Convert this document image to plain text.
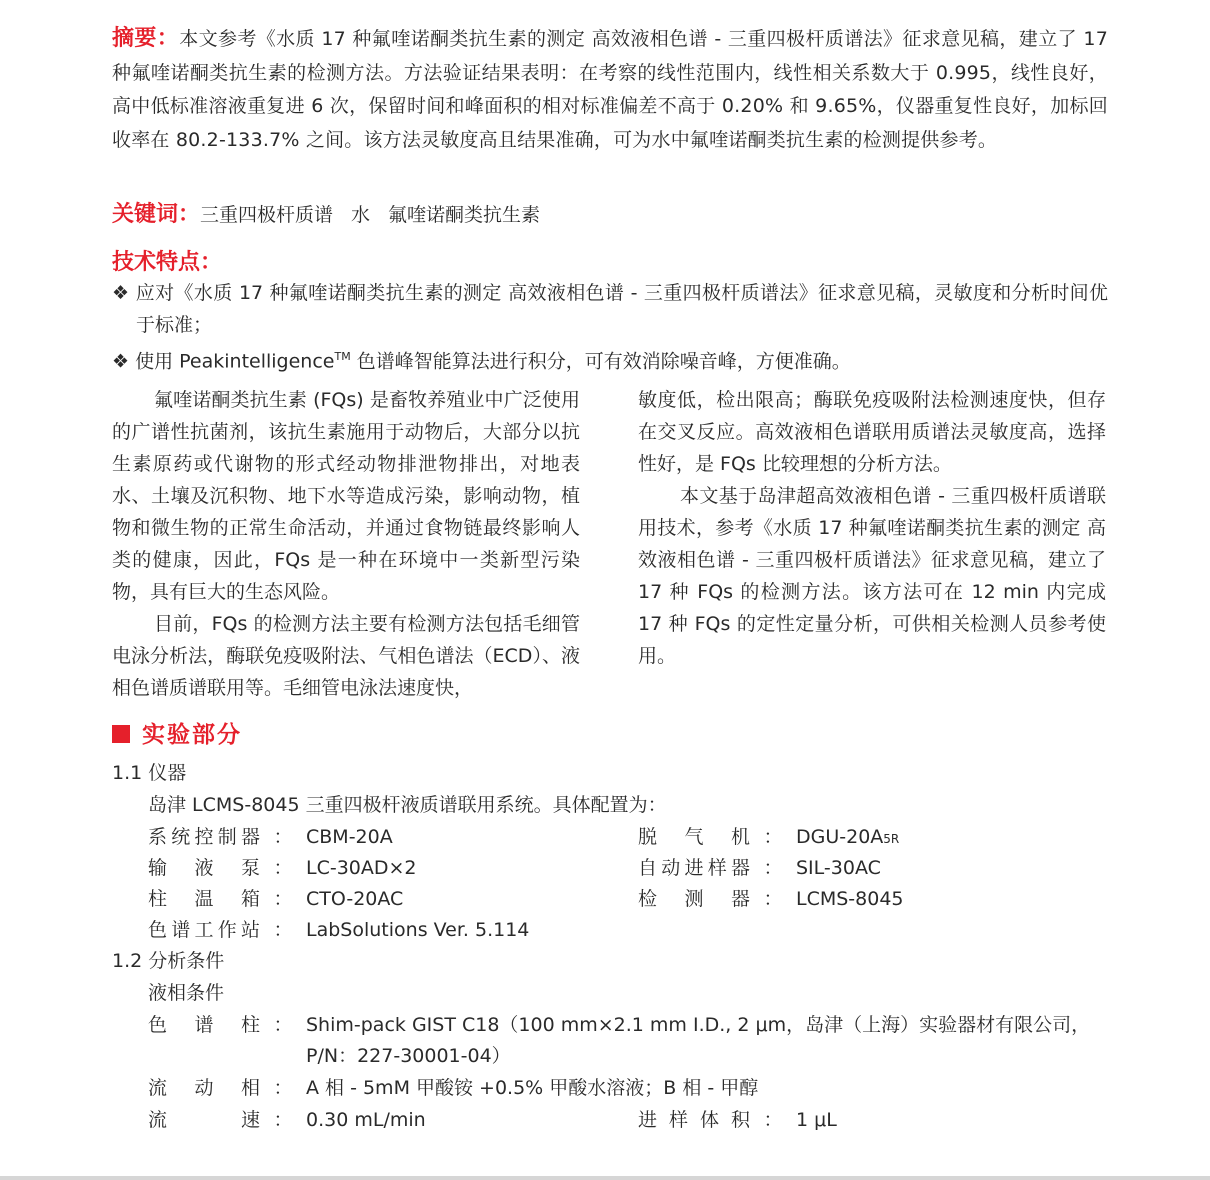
摘要：本文参考《水质 17 种氟喹诺酮类抗生素的测定 高效液相色谱 - 三重四极杆质谱法》征求意见稿，建立了 17 种氟喹诺酮类抗生素的检测方法。方法验证结果表明：在考察的线性范围内，线性相关系数大于 0.995，线性良好，高中低标准溶液重复进 6 次，保留时间和峰面积的相对标准偏差不高于 0.20% 和 9.65%，仪器重复性良好，加标回收率在 80.2-133.7% 之间。该方法灵敏度高且结果准确，可为水中氟喹诺酮类抗生素的检测提供参考。
关键词：三重四极杆质谱 水 氟喹诺酮类抗生素
技术特点：
❖ 应对《水质 17 种氟喹诺酮类抗生素的测定 高效液相色谱 - 三重四极杆质谱法》征求意见稿，灵敏度和分析时间优于标准；
❖ 使用 Peakintelligence™ 色谱峰智能算法进行积分，可有效消除噪音峰，方便准确。

氟喹诺酮类抗生素 (FQs) 是畜牧养殖业中广泛使用的广谱性抗菌剂，该抗生素施用于动物后，大部分以抗生素原药或代谢物的形式经动物排泄物排出，对地表水、土壤及沉积物、地下水等造成污染，影响动物，植物和微生物的正常生命活动，并通过食物链最终影响人类的健康，因此，FQs 是一种在环境中一类新型污染物，具有巨大的生态风险。

目前，FQs 的检测方法主要有检测方法包括毛细管电泳分析法，酶联免疫吸附法、气相色谱法（ECD）、液相色谱质谱联用等。毛细管电泳法速度快，

敏度低，检出限高；酶联免疫吸附法检测速度快，但存在交叉反应。高效液相色谱联用质谱法灵敏度高，选择性好，是 FQs 比较理想的分析方法。

本文基于岛津超高效液相色谱 - 三重四极杆质谱联用技术，参考《水质 17 种氟喹诺酮类抗生素的测定 高效液相色谱 - 三重四极杆质谱法》征求意见稿，建立了 17 种 FQs 的检测方法。该方法可在 12 min 内完成 17 种 FQs 的定性定量分析，可供相关检测人员参考使用。

实验部分
1.1 仪器
岛津 LCMS-8045 三重四极杆液质谱联用系统。具体配置为：
系统控制器 ： CBM-20A	脱气机 ： DGU-20A5R
输液泵 ： LC-30AD×2	自动进样器 ： SIL-30AC
柱温箱 ： CTO-20AC	检测器 ： LCMS-8045
色谱工作站 ： LabSolutions Ver. 5.114
1.2 分析条件
液相条件
色谱柱 ： Shim-pack GIST C18（100 mm×2.1 mm I.D., 2 μm，岛津（上海）实验器材有限公司，
P/N：227-30001-04）
流动相 ： A 相 - 5mM 甲酸铵 +0.5% 甲酸水溶液；B 相 - 甲醇
流速 ： 0.30 mL/min	进样体积 ： 1 μL
